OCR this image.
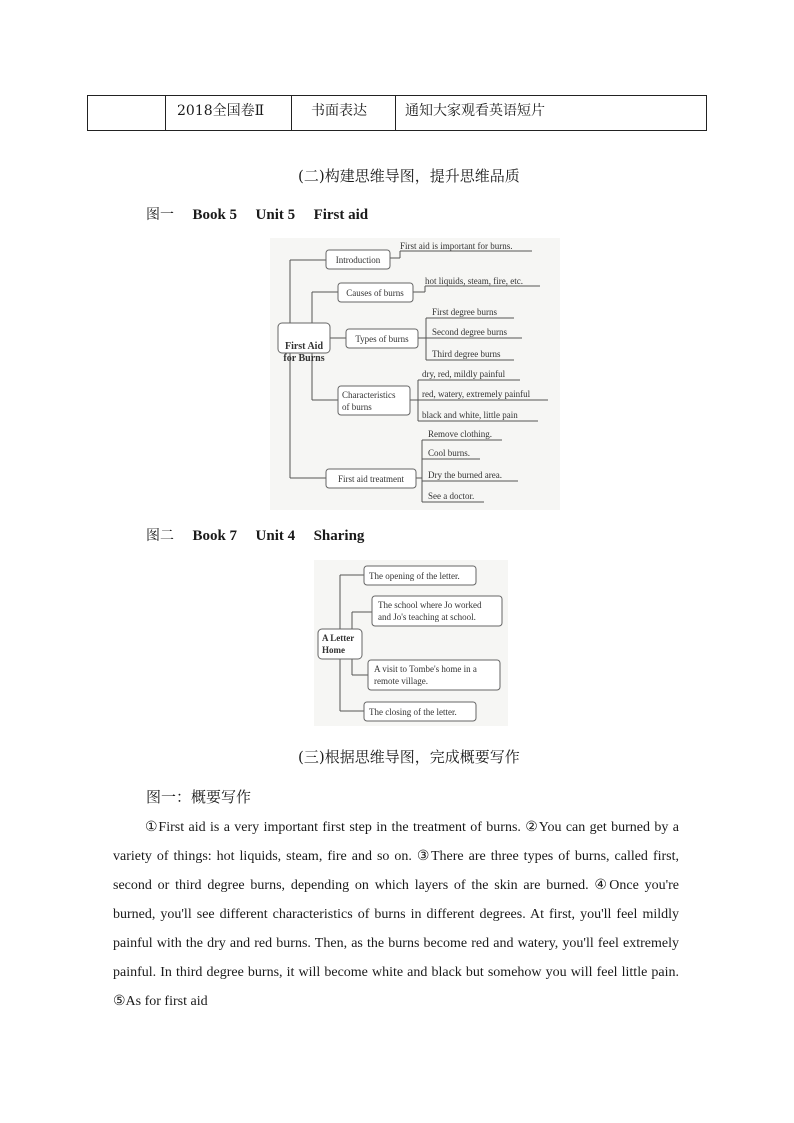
2018全国卷Ⅱ	书面表达	通知大家观看英语短片
(二)构建思维导图，提升思维品质
图一 Book 5 Unit 5 First aid
First Aid
for Burns
Introduction
Causes of burns
Types of burns
Characteristics
of burns
First aid treatment
First aid is important for burns.
hot liquids, steam, fire, etc.
First degree burns
Second degree burns
Third degree burns
dry, red, mildly painful
red, watery, extremely painful
black and white, little pain
Remove clothing.
Cool burns.
Dry the burned area.
See a doctor.
图二 Book 7 Unit 4 Sharing
A Letter
Home
The opening of the letter.
The school where Jo worked
and Jo's teaching at school.
A visit to Tombe's home in a
remote village.
The closing of the letter.
(三)根据思维导图，完成概要写作
图一：概要写作
①First aid is a very important first step in the treatment of burns. ②You can get burned by a variety of things: hot liquids, steam, fire and so on. ③There are three types of burns, called first, second or third degree burns, depending on which layers of the skin are burned. ④Once you're burned, you'll see different characteristics of burns in different degrees. At first, you'll feel mildly painful with the dry and red burns. Then, as the burns become red and watery, you'll feel extremely painful. In third degree burns, it will become white and black but somehow you will feel little pain. ⑤As for first aid
